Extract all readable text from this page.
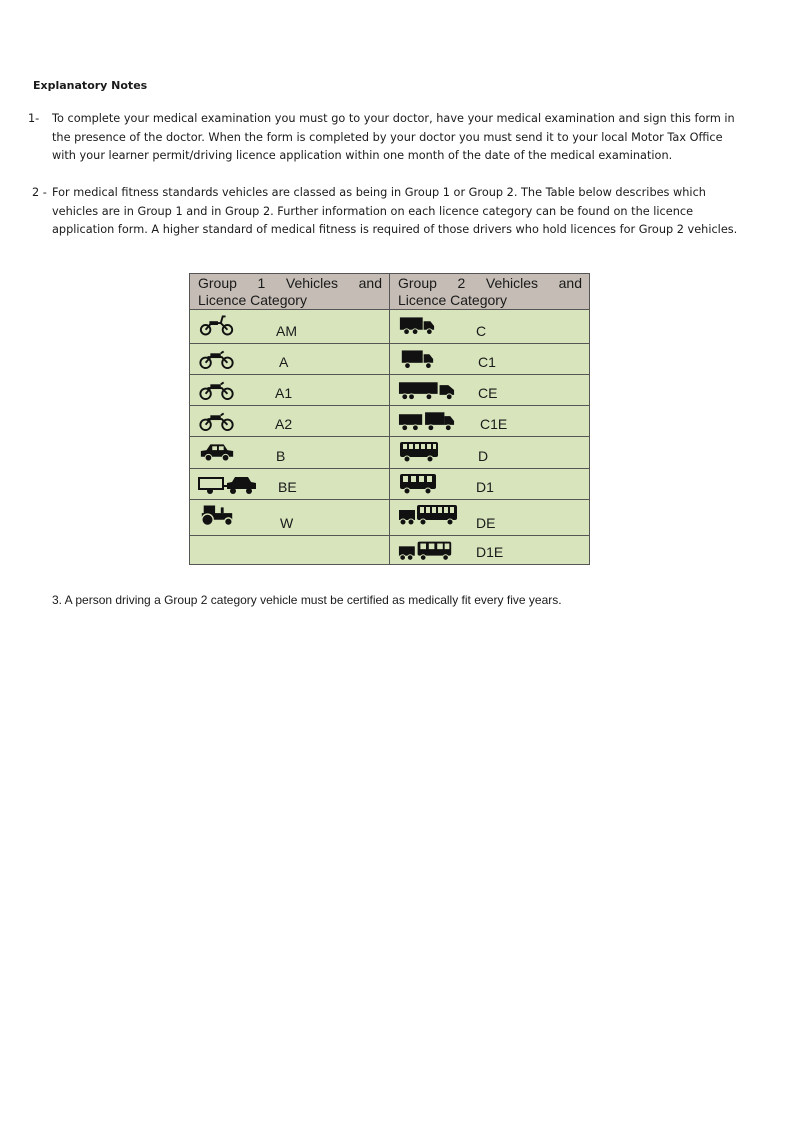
Explanatory Notes
1- To complete your medical examination you must go to your doctor, have your medical examination and sign this form in the presence of the doctor. When the form is completed by your doctor you must send it to your local Motor Tax Office with your learner permit/driving licence application within one month of the date of the medical examination.
2 - For medical fitness standards vehicles are classed as being in Group 1 or Group 2. The Table below describes which vehicles are in Group 1 and in Group 2. Further information on each licence category can be found on the licence application form. A higher standard of medical fitness is required of those drivers who hold licences for Group 2 vehicles.
Group 1 Vehicles and Licence Category	Group 2 Vehicles and Licence Category

AM	C

A	C1

A1	CE

A2	C1E

B	D

BE	D1

W	DE

	D1E
3. A person driving a Group 2 category vehicle must be certified as medically fit every five years.
